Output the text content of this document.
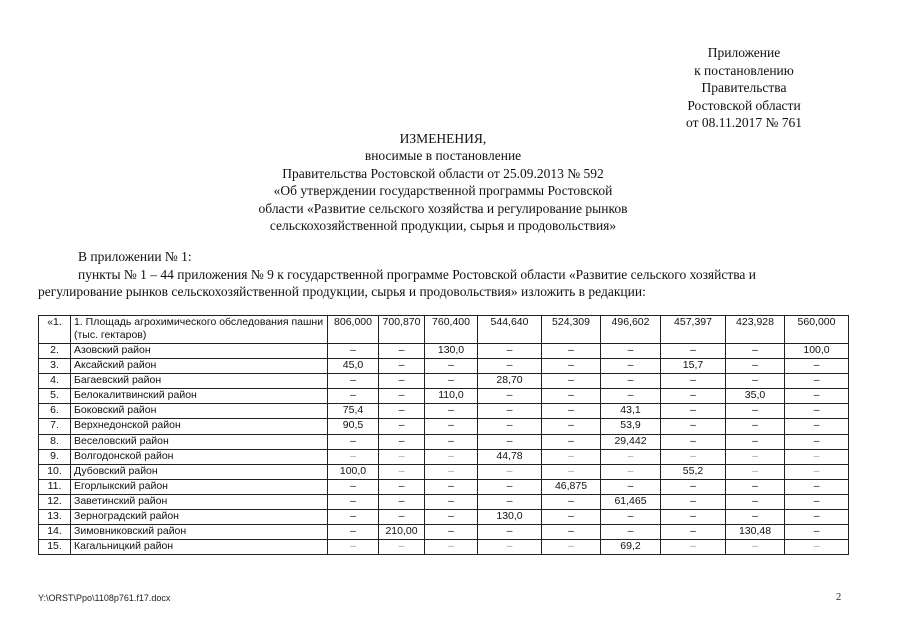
Приложение
к постановлению
Правительства
Ростовской области
от 08.11.2017 № 761
ИЗМЕНЕНИЯ,
вносимые в постановление
Правительства Ростовской области от 25.09.2013 № 592
«Об утверждении государственной программы Ростовской
области «Развитие сельского хозяйства и регулирование рынков
сельскохозяйственной продукции, сырья и продовольствия»
В приложении № 1:
пункты № 1 – 44 приложения № 9 к государственной программе Ростовской области «Развитие сельского хозяйства и
регулирование рынков сельскохозяйственной продукции, сырья и продовольствия» изложить в редакции:
«1.	1. Площадь агрохимического обследования пашни (тыс. гектаров)	806,000	700,870	760,400	544,640	524,309	496,602	457,397	423,928	560,000
2.	Азовский район	–	–	130,0	–	–	–	–	–	100,0
3.	Аксайский район	45,0	–	–	–	–	–	15,7	–	–
4.	Багаевский район	–	–	–	28,70	–	–	–	–	–
5.	Белокалитвинский район	–	–	110,0	–	–	–	–	35,0	–
6.	Боковский район	75,4	–	–	–	–	43,1	–	–	–
7.	Верхнедонской район	90,5	–	–	–	–	53,9	–	–	–
8.	Веселовский район	–	–	–	–	–	29,442	–	–	–
9.	Волгодонской район	–	–	–	44,78	–	–	–	–	–
10.	Дубовский район	100,0	–	–	–	–	–	55,2	–	–
11.	Егорлыкский район	–	–	–	–	46,875	–	–	–	–
12.	Заветинский район	–	–	–	–	–	61,465	–	–	–
13.	Зерноградский район	–	–	–	130,0	–	–	–	–	–
14.	Зимовниковский район	–	210,00	–	–	–	–	–	130,48	–
15.	Кагальницкий район	–	–	–	–	–	69,2	–	–	–
Y:\ORST\Ppo\1108p761.f17.docx	2
